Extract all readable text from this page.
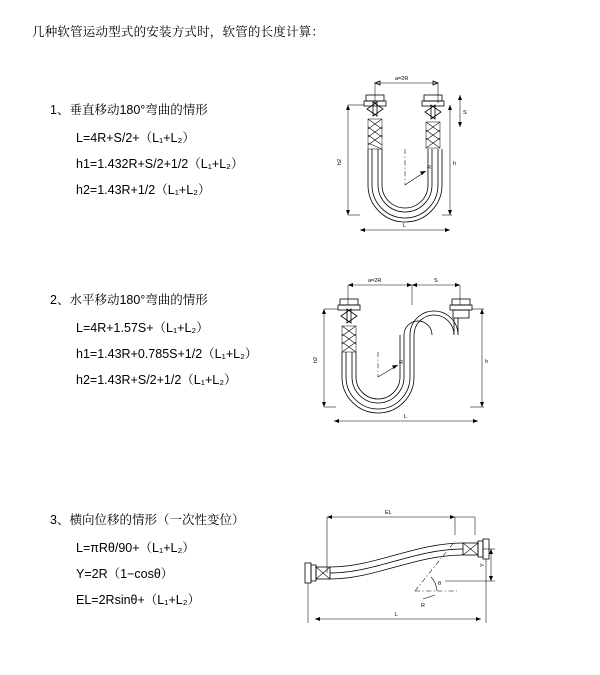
几种软管运动型式的安装方式时，软管的长度计算：
1、垂直移动180°弯曲的情形
L=4R+S/2+（L₁+L₂）
h1=1.432R+S/2+1/2（L₁+L₂）
h2=1.43R+1/2（L₁+L₂）
a=2R
S
R
h2	h
L
2、水平移动180°弯曲的情形
L=4R+1.57S+（L₁+L₂）
h1=1.43R+0.785S+1/2（L₁+L₂）
h2=1.43R+S/2+1/2（L₁+L₂）
a=2R	S
R
h2	h
L
3、横向位移的情形（一次性变位）
L=πRθ/90+（L₁+L₂）
Y=2R（1−cosθ）
EL=2Rsinθ+（L₁+L₂）
EL
Y
θ
R
L
